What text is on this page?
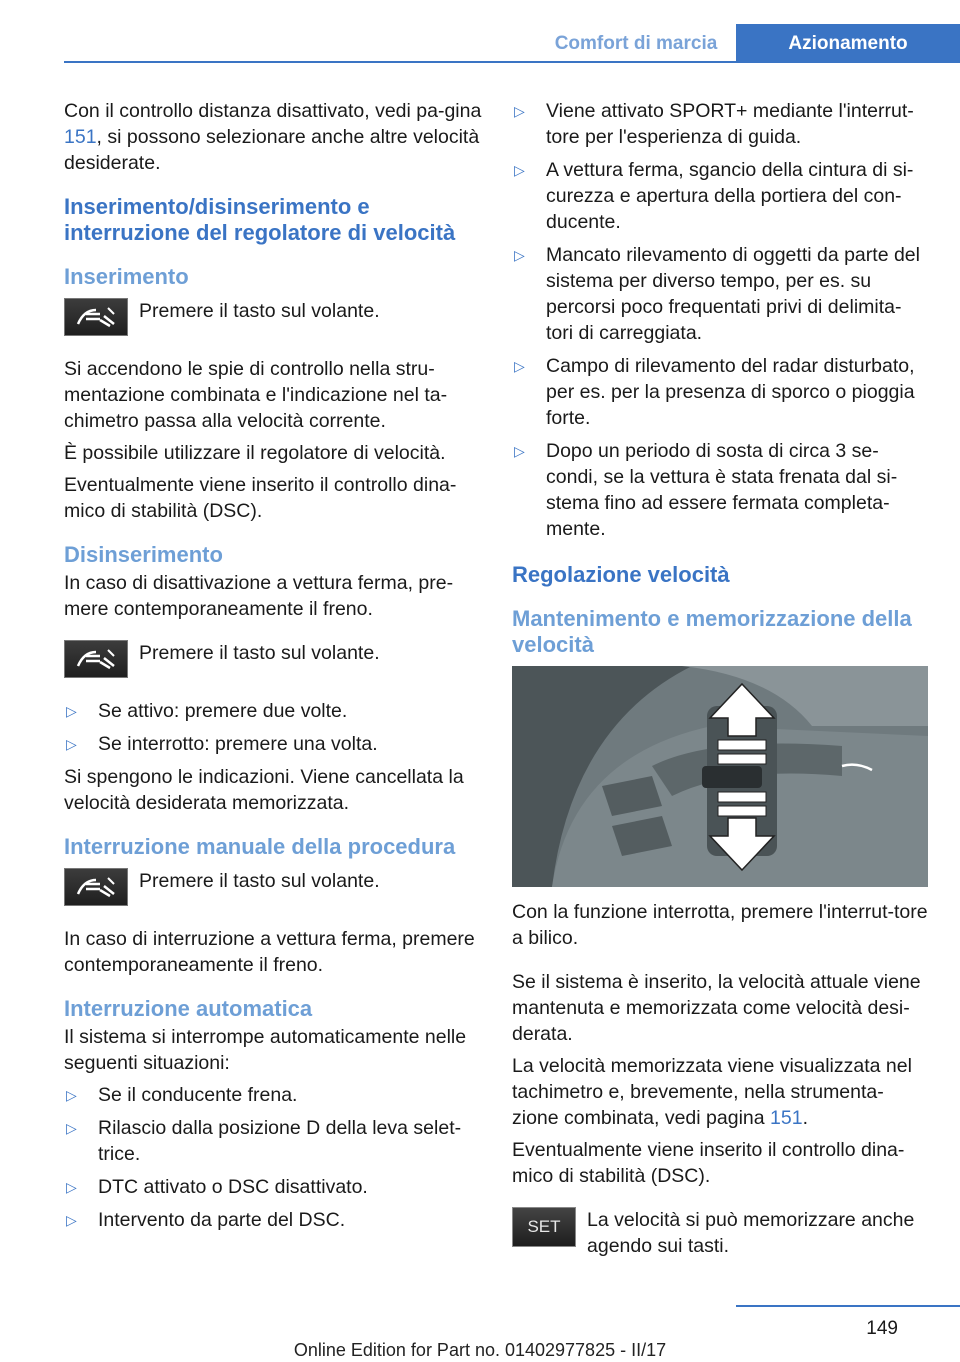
Comfort di marcia	Azionamento

Con il controllo distanza disattivato, vedi pa-gina 151, si possono selezionare anche altre velocità desiderate.

Inserimento/disinserimento e interruzione del regolatore di velocità
Inserimento
Premere il tasto sul volante.

Si accendono le spie di controllo nella stru-mentazione combinata e l'indicazione nel ta-chimetro passa alla velocità corrente.

È possibile utilizzare il regolatore di velocità.

Eventualmente viene inserito il controllo dina-mico di stabilità (DSC).

Disinserimento

In caso di disattivazione a vettura ferma, pre-mere contemporaneamente il freno.

Premere il tasto sul volante.
▷	Se attivo: premere due volte.
▷	Se interrotto: premere una volta.

Si spengono le indicazioni. Viene cancellata la velocità desiderata memorizzata.

Interruzione manuale della procedura
Premere il tasto sul volante.

In caso di interruzione a vettura ferma, premere contemporaneamente il freno.

Interruzione automatica

Il sistema si interrompe automaticamente nelle seguenti situazioni:

▷	Se il conducente frena.
▷	Rilascio dalla posizione D della leva selet-trice.
▷	DTC attivato o DSC disattivato.
▷	Intervento da parte del DSC.
▷	Viene attivato SPORT+ mediante l'interrut-tore per l'esperienza di guida.
▷	A vettura ferma, sgancio della cintura di si-curezza e apertura della portiera del con-ducente.
▷	Mancato rilevamento di oggetti da parte del sistema per diverso tempo, per es. su percorsi poco frequentati privi di delimita-tori di carreggiata.
▷	Campo di rilevamento del radar disturbato, per es. per la presenza di sporco o pioggia forte.
▷	Dopo un periodo di sosta di circa 3 se-condi, se la vettura è stata frenata dal si-stema fino ad essere fermata completa-mente.
Regolazione velocità
Mantenimento e memorizzazione della velocità

Con la funzione interrotta, premere l'interrut-tore a bilico.

Se il sistema è inserito, la velocità attuale viene mantenuta e memorizzata come velocità desi-derata.

La velocità memorizzata viene visualizzata nel tachimetro e, brevemente, nella strumenta-zione combinata, vedi pagina 151.

Eventualmente viene inserito il controllo dina-mico di stabilità (DSC).

SET	La velocità si può memorizzare anche agendo sui tasti.
149
Online Edition for Part no. 01402977825 - II/17
